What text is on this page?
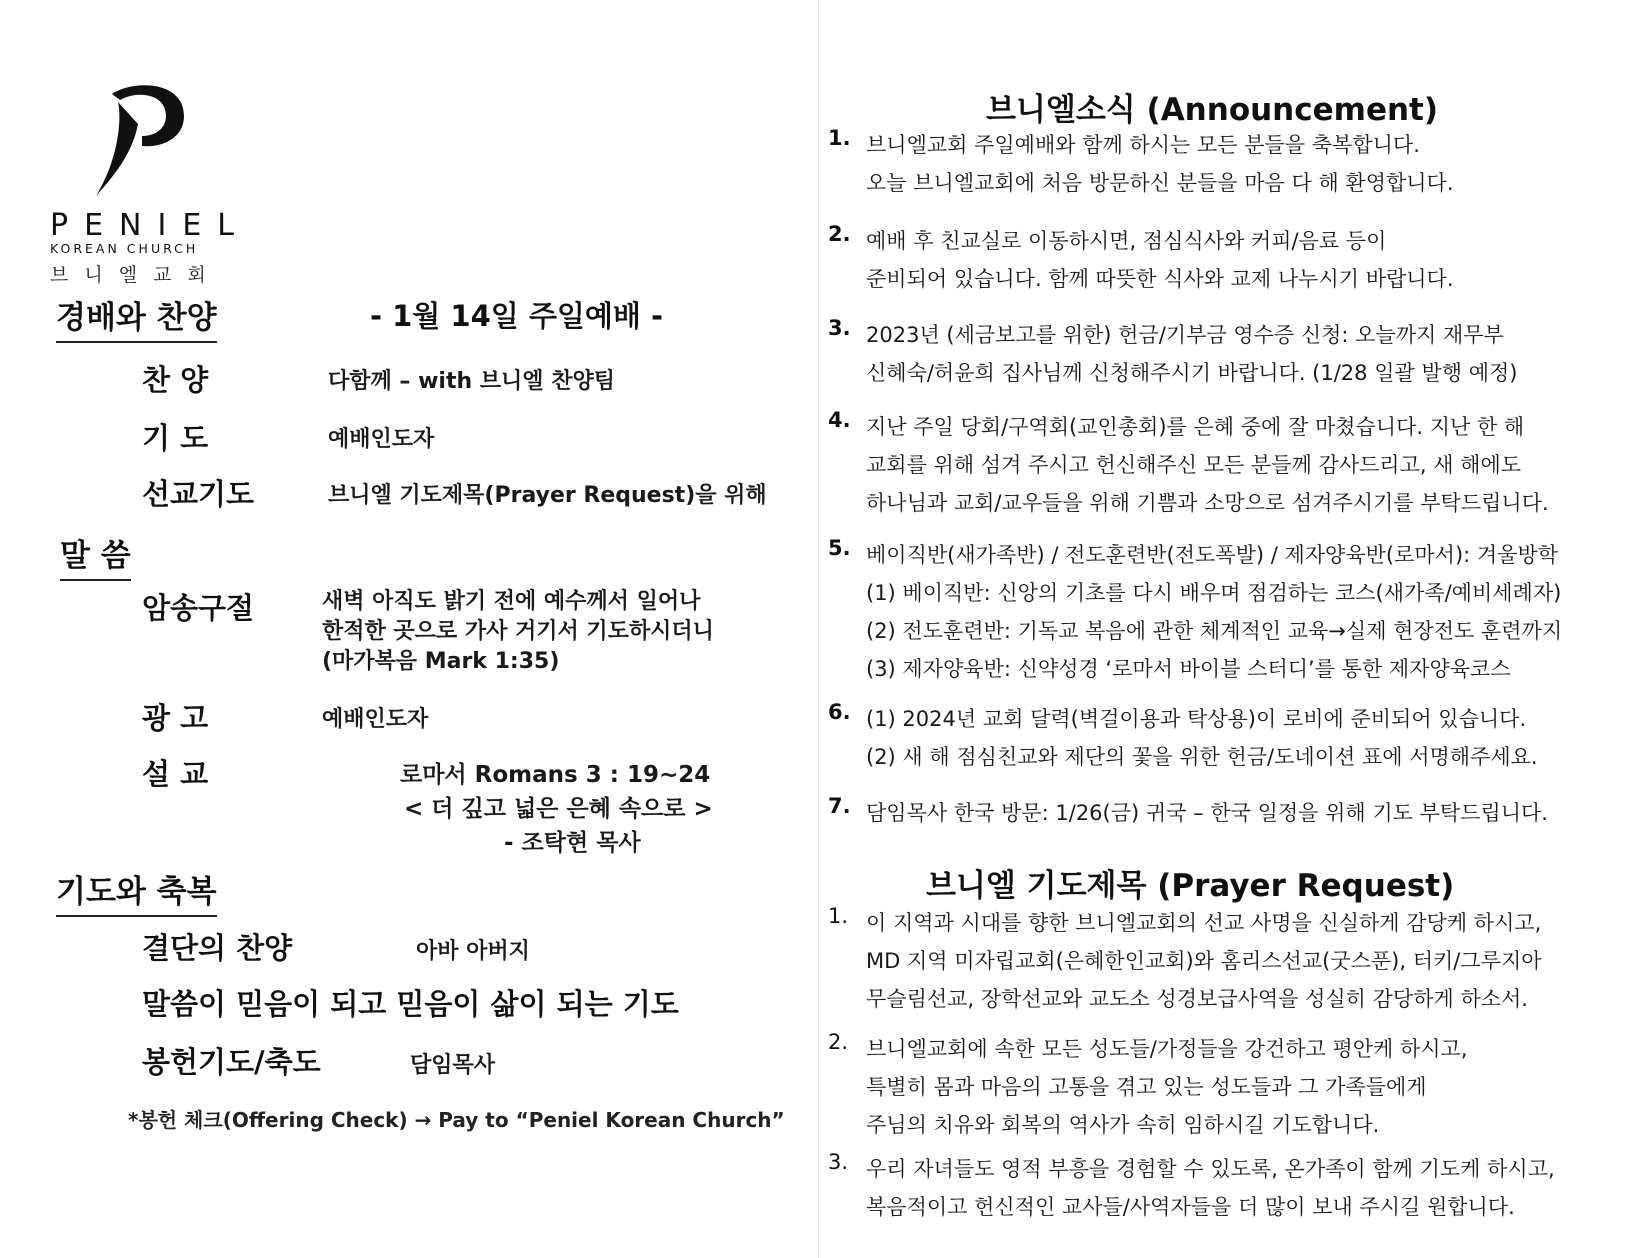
PENIEL
KOREAN CHURCH
브니엘교회
경배와 찬양	- 1월 14일 주일예배 -
찬 양	다함께 – with 브니엘 찬양팀
기 도	예배인도자
선교기도	브니엘 기도제목(Prayer Request)을 위해
말 씀
암송구절	새벽 아직도 밝기 전에 예수께서 일어나
한적한 곳으로 가사 거기서 기도하시더니
(마가복음 Mark 1:35)
광 고	예배인도자
설 교	로마서 Romans 3 : 19~24
< 더 깊고 넓은 은혜 속으로 >
- 조탁현 목사
기도와 축복
결단의 찬양	아바 아버지
말씀이 믿음이 되고 믿음이 삶이 되는 기도
봉헌기도/축도	담임목사
*봉헌 체크(Offering Check) → Pay to “Peniel Korean Church”
브니엘소식 (Announcement)
1. 브니엘교회 주일예배와 함께 하시는 모든 분들을 축복합니다.
오늘 브니엘교회에 처음 방문하신 분들을 마음 다 해 환영합니다.
2. 예배 후 친교실로 이동하시면, 점심식사와 커피/음료 등이
준비되어 있습니다. 함께 따뜻한 식사와 교제 나누시기 바랍니다.
3. 2023년 (세금보고를 위한) 헌금/기부금 영수증 신청: 오늘까지 재무부
신혜숙/허윤희 집사님께 신청해주시기 바랍니다. (1/28 일괄 발행 예정)
4. 지난 주일 당회/구역회(교인총회)를 은혜 중에 잘 마쳤습니다. 지난 한 해
교회를 위해 섬겨 주시고 헌신해주신 모든 분들께 감사드리고, 새 해에도
하나님과 교회/교우들을 위해 기쁨과 소망으로 섬겨주시기를 부탁드립니다.
5. 베이직반(새가족반) / 전도훈련반(전도폭발) / 제자양육반(로마서): 겨울방학
(1) 베이직반: 신앙의 기초를 다시 배우며 점검하는 코스(새가족/예비세례자)
(2) 전도훈련반: 기독교 복음에 관한 체계적인 교육→실제 현장전도 훈련까지
(3) 제자양육반: 신약성경 ‘로마서 바이블 스터디’를 통한 제자양육코스
6. (1) 2024년 교회 달력(벽걸이용과 탁상용)이 로비에 준비되어 있습니다.
(2) 새 해 점심친교와 제단의 꽃을 위한 헌금/도네이션 표에 서명해주세요.
7. 담임목사 한국 방문: 1/26(금) 귀국 – 한국 일정을 위해 기도 부탁드립니다.
브니엘 기도제목 (Prayer Request)
1. 이 지역과 시대를 향한 브니엘교회의 선교 사명을 신실하게 감당케 하시고,
MD 지역 미자립교회(은혜한인교회)와 홈리스선교(굿스푼), 터키/그루지아
무슬림선교, 장학선교와 교도소 성경보급사역을 성실히 감당하게 하소서.
2. 브니엘교회에 속한 모든 성도들/가정들을 강건하고 평안케 하시고,
특별히 몸과 마음의 고통을 겪고 있는 성도들과 그 가족들에게
주님의 치유와 회복의 역사가 속히 임하시길 기도합니다.
3. 우리 자녀들도 영적 부흥을 경험할 수 있도록, 온가족이 함께 기도케 하시고,
복음적이고 헌신적인 교사들/사역자들을 더 많이 보내 주시길 원합니다.
